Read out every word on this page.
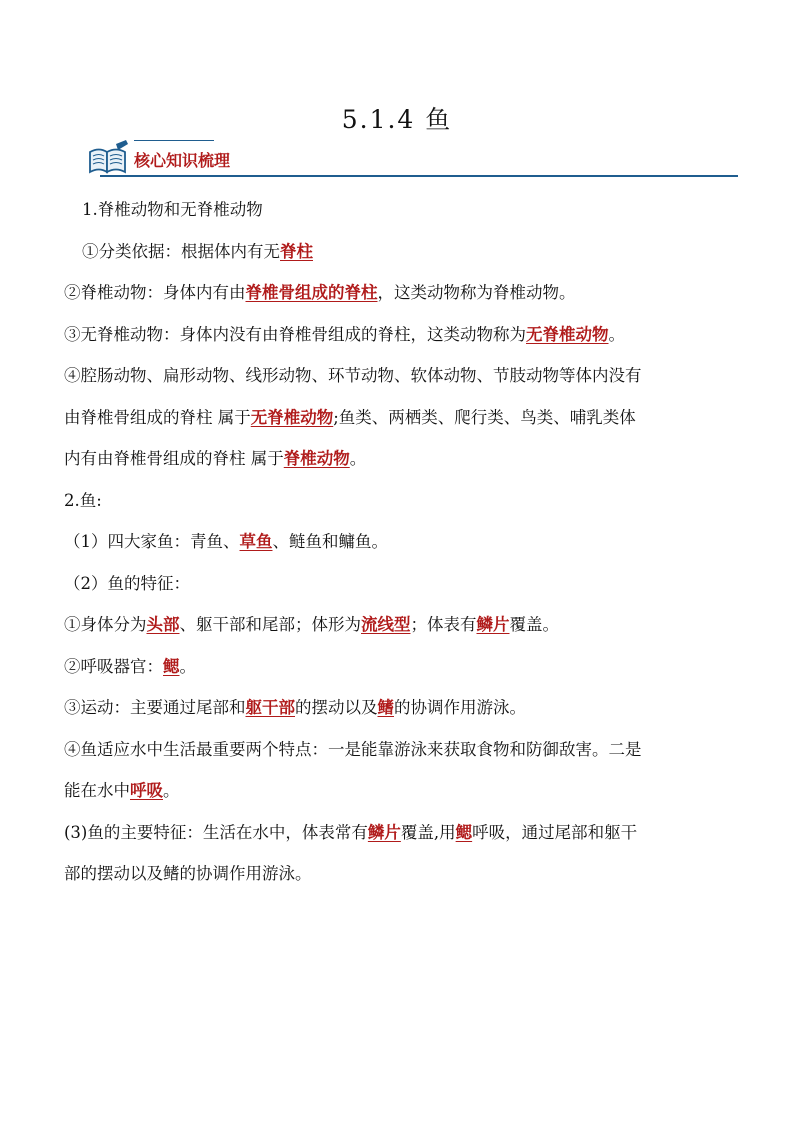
5.1.4 鱼
核心知识梳理
1.脊椎动物和无脊椎动物
①分类依据：根据体内有无脊柱
②脊椎动物：身体内有由脊椎骨组成的脊柱，这类动物称为脊椎动物。
③无脊椎动物：身体内没有由脊椎骨组成的脊柱，这类动物称为无脊椎动物。
④腔肠动物、扁形动物、线形动物、环节动物、软体动物、节肢动物等体内没有
由脊椎骨组成的脊柱 属于无脊椎动物;鱼类、两栖类、爬行类、鸟类、哺乳类体
内有由脊椎骨组成的脊柱 属于脊椎动物。
2.鱼:
（1）四大家鱼：青鱼、草鱼、鲢鱼和鳙鱼。
（2）鱼的特征：
①身体分为头部、躯干部和尾部；体形为流线型；体表有鳞片覆盖。
②呼吸器官：鳃。
③运动：主要通过尾部和躯干部的摆动以及鳍的协调作用游泳。
④鱼适应水中生活最重要两个特点：一是能靠游泳来获取食物和防御敌害。二是
能在水中呼吸。
(3)鱼的主要特征：生活在水中，体表常有鳞片覆盖,用鳃呼吸，通过尾部和躯干
部的摆动以及鳍的协调作用游泳。
